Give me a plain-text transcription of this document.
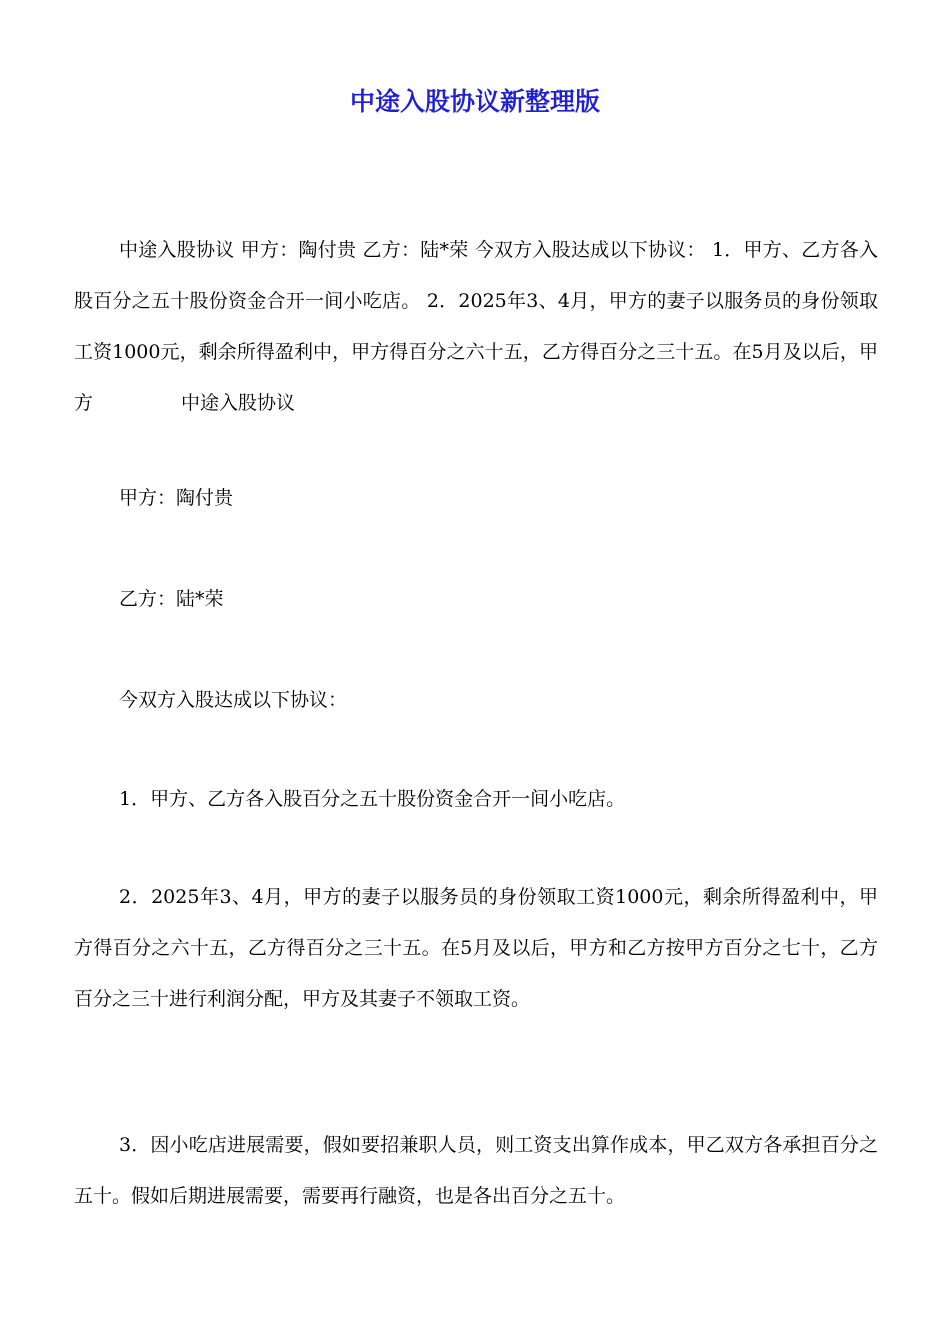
中途入股协议新整理版

中途入股协议 甲方：陶付贵 乙方：陆*荣 今双方入股达成以下协议： 1．甲方、乙方各入股百分之五十股份资金合开一间小吃店。 2．2025年3、4月，甲方的妻子以服务员的身份领取工资1000元，剩余所得盈利中，甲方得百分之六十五，乙方得百分之三十五。在5月及以后，甲方	中途入股协议

甲方：陶付贵

乙方：陆*荣

今双方入股达成以下协议：

1．甲方、乙方各入股百分之五十股份资金合开一间小吃店。

2．2025年3、4月，甲方的妻子以服务员的身份领取工资1000元，剩余所得盈利中，甲方得百分之六十五，乙方得百分之三十五。在5月及以后，甲方和乙方按甲方百分之七十，乙方百分之三十进行利润分配，甲方及其妻子不领取工资。

3．因小吃店进展需要，假如要招兼职人员，则工资支出算作成本，甲乙双方各承担百分之五十。假如后期进展需要，需要再行融资，也是各出百分之五十。
